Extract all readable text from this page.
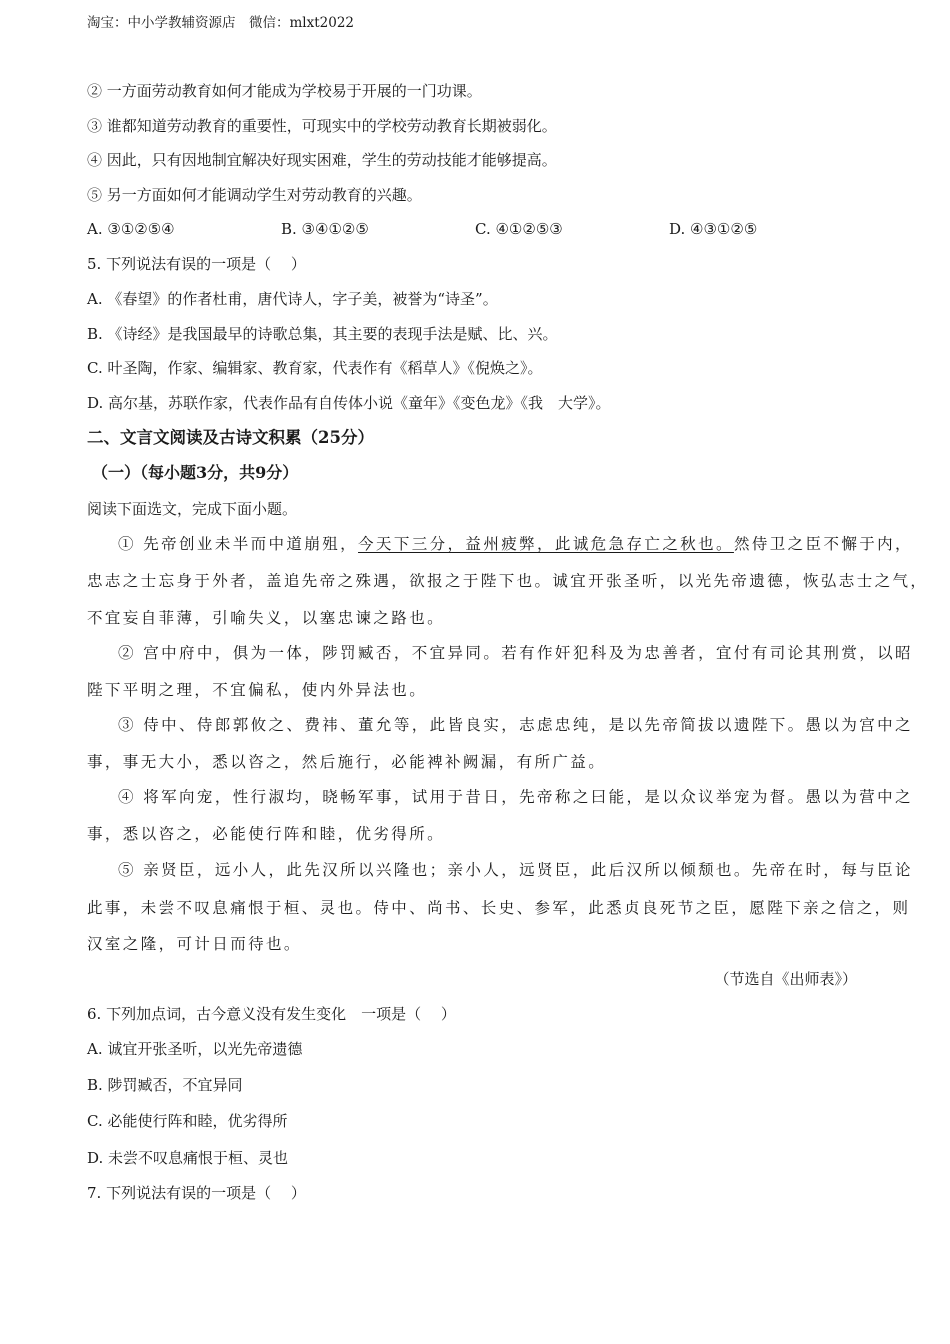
淘宝：中小学教辅资源店　微信：mlxt2022
② 一方面劳动教育如何才能成为学校易于开展的一门功课。
③ 谁都知道劳动教育的重要性，可现实中的学校劳动教育长期被弱化。
④ 因此，只有因地制宜解决好现实困难，学生的劳动技能才能够提高。
⑤ 另一方面如何才能调动学生对劳动教育的兴趣。
A. ③①②⑤④	B. ③④①②⑤	C. ④①②⑤③	D. ④③①②⑤
5. 下列说法有误的一项是（　 ）
A. 《春望》的作者杜甫，唐代诗人，字子美，被誉为“诗圣”。
B. 《诗经》是我国最早的诗歌总集，其主要的表现手法是赋、比、兴。
C. 叶圣陶，作家、编辑家、教育家，代表作有《稻草人》《倪焕之》。
D. 高尔基，苏联作家，代表作品有自传体小说《童年》《变色龙》《我　大学》。
二、文言文阅读及古诗文积累（25分）
（一）（每小题3分，共9分）
阅读下面选文，完成下面小题。
① 先帝创业未半而中道崩殂，今天下三分，益州疲弊，此诚危急存亡之秋也。然侍卫之臣不懈于内，
忠志之士忘身于外者，盖追先帝之殊遇，欲报之于陛下也。诚宜开张圣听，以光先帝遗德，恢弘志士之气，
不宜妄自菲薄，引喻失义，以塞忠谏之路也。
② 宫中府中，俱为一体，陟罚臧否，不宜异同。若有作奸犯科及为忠善者，宜付有司论其刑赏，以昭
陛下平明之理，不宜偏私，使内外异法也。
③ 侍中、侍郎郭攸之、费祎、董允等，此皆良实，志虑忠纯，是以先帝简拔以遗陛下。愚以为宫中之
事，事无大小，悉以咨之，然后施行，必能裨补阙漏，有所广益。
④ 将军向宠，性行淑均，晓畅军事，试用于昔日，先帝称之曰能，是以众议举宠为督。愚以为营中之
事，悉以咨之，必能使行阵和睦，优劣得所。
⑤ 亲贤臣，远小人，此先汉所以兴隆也；亲小人，远贤臣，此后汉所以倾颓也。先帝在时，每与臣论
此事，未尝不叹息痛恨于桓、灵也。侍中、尚书、长史、参军，此悉贞良死节之臣，愿陛下亲之信之，则
汉室之隆，可计日而待也。
（节选自《出师表》）
6. 下列加点词，古今意义没有发生变化　一项是（　 ）
A. 诚宜开张圣听，以光先帝遗德
B. 陟罚臧否，不宜异同
C. 必能使行阵和睦，优劣得所
D. 未尝不叹息痛恨于桓、灵也
7. 下列说法有误的一项是（　 ）
